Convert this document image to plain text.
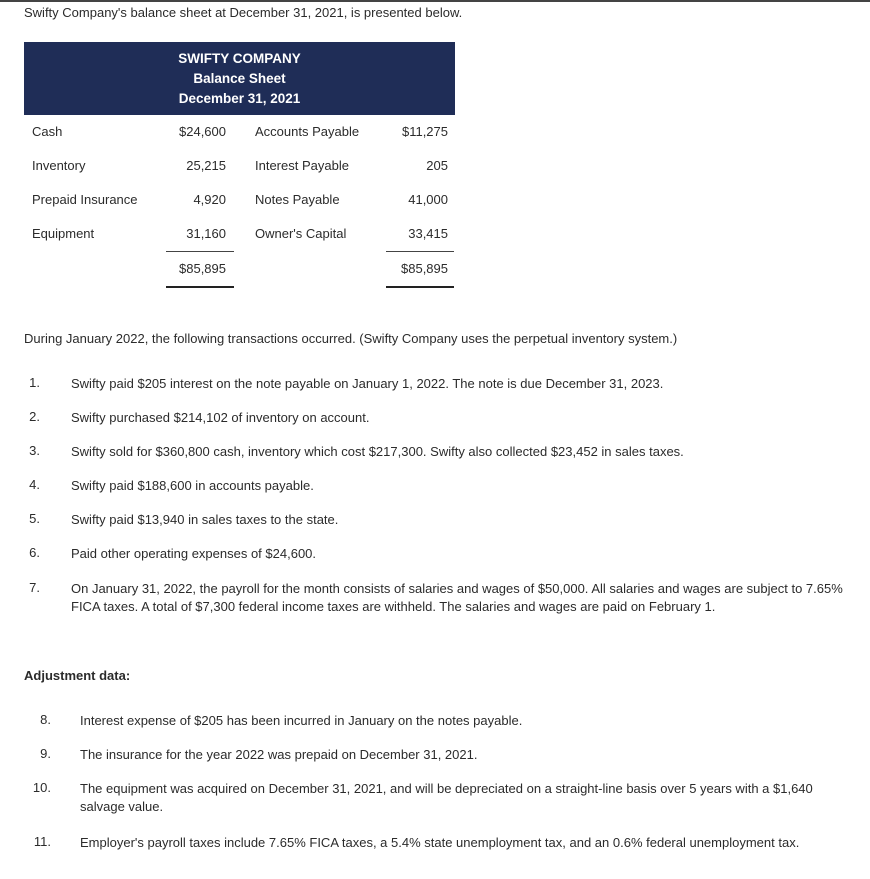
Swifty Company's balance sheet at December 31, 2021, is presented below.
SWIFTY COMPANY
Balance Sheet
December 31, 2021
Cash	$24,600 Accounts Payable	$11,275
Inventory	25,215 Interest Payable	205
Prepaid Insurance	4,920 Notes Payable	41,000
Equipment	31,160 Owner's Capital	33,415
$85,895	$85,895
During January 2022, the following transactions occurred. (Swifty Company uses the perpetual inventory system.)
1. Swifty paid $205 interest on the note payable on January 1, 2022. The note is due December 31, 2023.
2. Swifty purchased $214,102 of inventory on account.
3. Swifty sold for $360,800 cash, inventory which cost $217,300. Swifty also collected $23,452 in sales taxes.
4. Swifty paid $188,600 in accounts payable.
5. Swifty paid $13,940 in sales taxes to the state.
6. Paid other operating expenses of $24,600.
7. On January 31, 2022, the payroll for the month consists of salaries and wages of $50,000. All salaries and wages are subject to 7.65% FICA taxes. A total of $7,300 federal income taxes are withheld. The salaries and wages are paid on February 1.
Adjustment data:
8. Interest expense of $205 has been incurred in January on the notes payable.
9. The insurance for the year 2022 was prepaid on December 31, 2021.
10. The equipment was acquired on December 31, 2021, and will be depreciated on a straight-line basis over 5 years with a $1,640 salvage value.
11. Employer's payroll taxes include 7.65% FICA taxes, a 5.4% state unemployment tax, and an 0.6% federal unemployment tax.
